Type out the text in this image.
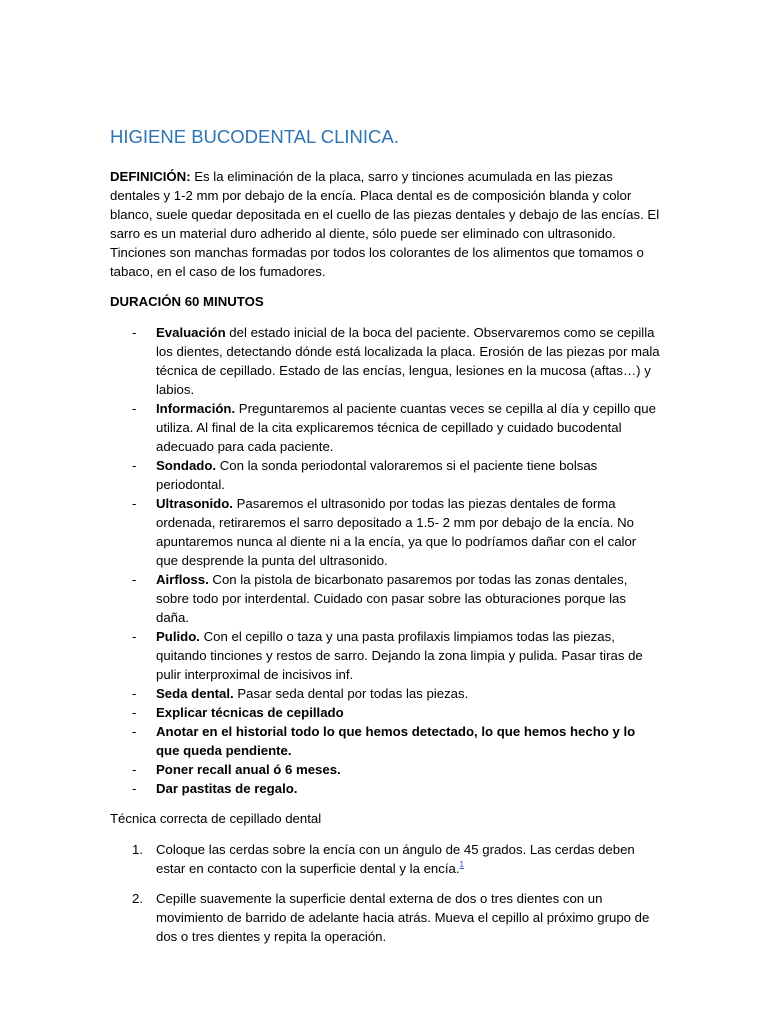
HIGIENE BUCODENTAL CLINICA.

DEFINICIÓN: Es la eliminación de la placa, sarro y tinciones acumulada en las piezas dentales y 1-2 mm por debajo de la encía. Placa dental es de composición blanda y color blanco, suele quedar depositada en el cuello de las piezas dentales y debajo de las encías. El sarro es un material duro adherido al diente, sólo puede ser eliminado con ultrasonido. Tinciones son manchas formadas por todos los colorantes de los alimentos que tomamos o tabaco, en el caso de los fumadores.

DURACIÓN 60 MINUTOS

- Evaluación del estado inicial de la boca del paciente. Observaremos como se cepilla los dientes, detectando dónde está localizada la placa. Erosión de las piezas por mala técnica de cepillado. Estado de las encías, lengua, lesiones en la mucosa (aftas…) y labios.
- Información. Preguntaremos al paciente cuantas veces se cepilla al día y cepillo que utiliza. Al final de la cita explicaremos técnica de cepillado y cuidado bucodental adecuado para cada paciente.
- Sondado. Con la sonda periodontal valoraremos si el paciente tiene bolsas periodontal.
- Ultrasonido. Pasaremos el ultrasonido por todas las piezas dentales de forma ordenada, retiraremos el sarro depositado a 1.5- 2 mm por debajo de la encía. No apuntaremos nunca al diente ni a la encía, ya que lo podríamos dañar con el calor que desprende la punta del ultrasonido.
- Airfloss. Con la pistola de bicarbonato pasaremos por todas las zonas dentales, sobre todo por interdental. Cuidado con pasar sobre las obturaciones porque las daña.
- Pulido. Con el cepillo o taza y una pasta profilaxis limpiamos todas las piezas, quitando tinciones y restos de sarro. Dejando la zona limpia y pulida. Pasar tiras de pulir interproximal de incisivos inf.
- Seda dental. Pasar seda dental por todas las piezas.
- Explicar técnicas de cepillado
- Anotar en el historial todo lo que hemos detectado, lo que hemos hecho y lo que queda pendiente.
- Poner recall anual ó 6 meses.
- Dar pastitas de regalo.

Técnica correcta de cepillado dental

1. Coloque las cerdas sobre la encía con un ángulo de 45 grados. Las cerdas deben estar en contacto con la superficie dental y la encía.$^1$
2. Cepille suavemente la superficie dental externa de dos o tres dientes con un movimiento de barrido de adelante hacia atrás. Mueva el cepillo al próximo grupo de dos o tres dientes y repita la operación.
